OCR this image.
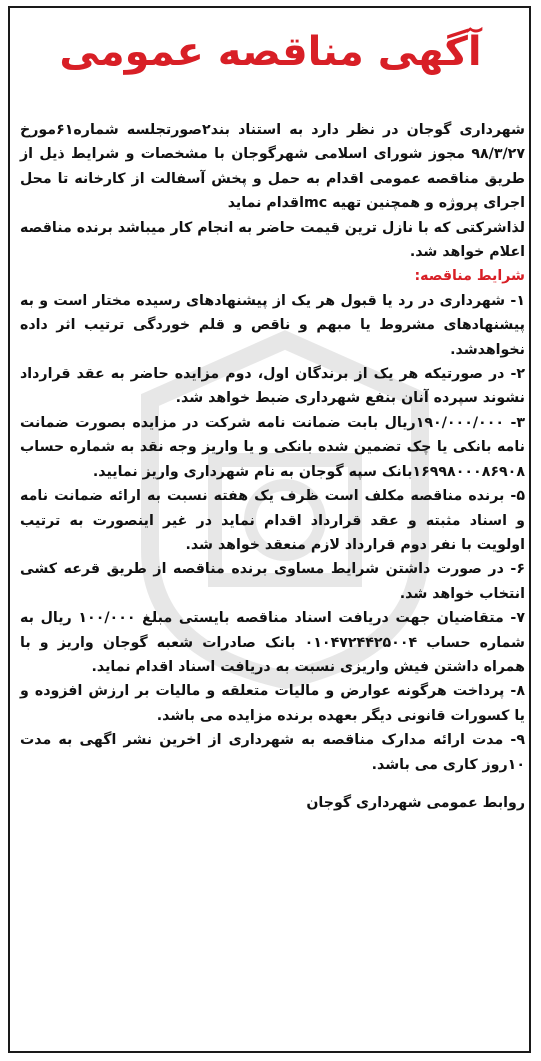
آگهی مناقصه عمومی

شهرداری گوجان در نظر دارد به استناد بند۲صورتجلسه شماره۶۱مورخ ۹۸/۳/۲۷ مجوز شورای اسلامی شهرگوجان با مشخصات و شرایط ذیل از طریق مناقصه عمومی اقدام به حمل و پخش آسفالت از کارخانه تا محل اجرای پروژه و همچنین تهیه mcاقدام نماید

لذاشرکتی که با نازل ترین قیمت حاضر به انجام کار میباشد برنده مناقصه اعلام خواهد شد.

شرایط مناقصه:

۱- شهرداری در رد یا قبول هر یک از پیشنهادهای رسیده مختار است و به پیشنهادهای مشروط یا مبهم و ناقص و قلم خوردگی ترتیب اثر داده نخواهدشد.

۲- در صورتیکه هر یک از برندگان اول، دوم مزایده حاضر به عقد قرارداد نشوند سپرده آنان بنفع شهرداری ضبط خواهد شد.

۳- ۱۹۰/۰۰۰/۰۰۰ریال بابت ضمانت نامه شرکت در مزایده بصورت ضمانت نامه بانکی یا چک تضمین شده بانکی و یا واریز وجه نقد به شماره حساب ۱۶۹۹۸۰۰۰۸۶۹۰۸بانک سپه گوجان به نام شهرداری واریز نمایید.

۵- برنده مناقصه مکلف است ظرف یک هفته نسبت به ارائه ضمانت نامه و اسناد مثبته و عقد قرارداد اقدام نماید در غیر اینصورت به ترتیب اولویت با نفر دوم قرارداد لازم منعقد خواهد شد.

۶- در صورت داشتن شرایط مساوی برنده مناقصه از طریق قرعه کشی انتخاب خواهد شد.

۷- متقاضیان جهت دریافت اسناد مناقصه بایستی مبلغ ۱۰۰/۰۰۰ ریال به شماره حساب ۰۱۰۴۷۲۴۴۲۵۰۰۴ بانک صادرات شعبه گوجان واریز و با همراه داشتن فیش واریزی نسبت به دریافت اسناد اقدام نماید.

۸- پرداخت هرگونه عوارض و مالیات متعلقه و مالیات بر ارزش افزوده و یا کسورات قانونی دیگر بعهده برنده مزایده می باشد.

۹- مدت ارائه مدارک مناقصه به شهرداری از اخرین نشر اگهی به مدت ۱۰روز کاری می باشد.

روابط عمومی شهرداری گوجان
